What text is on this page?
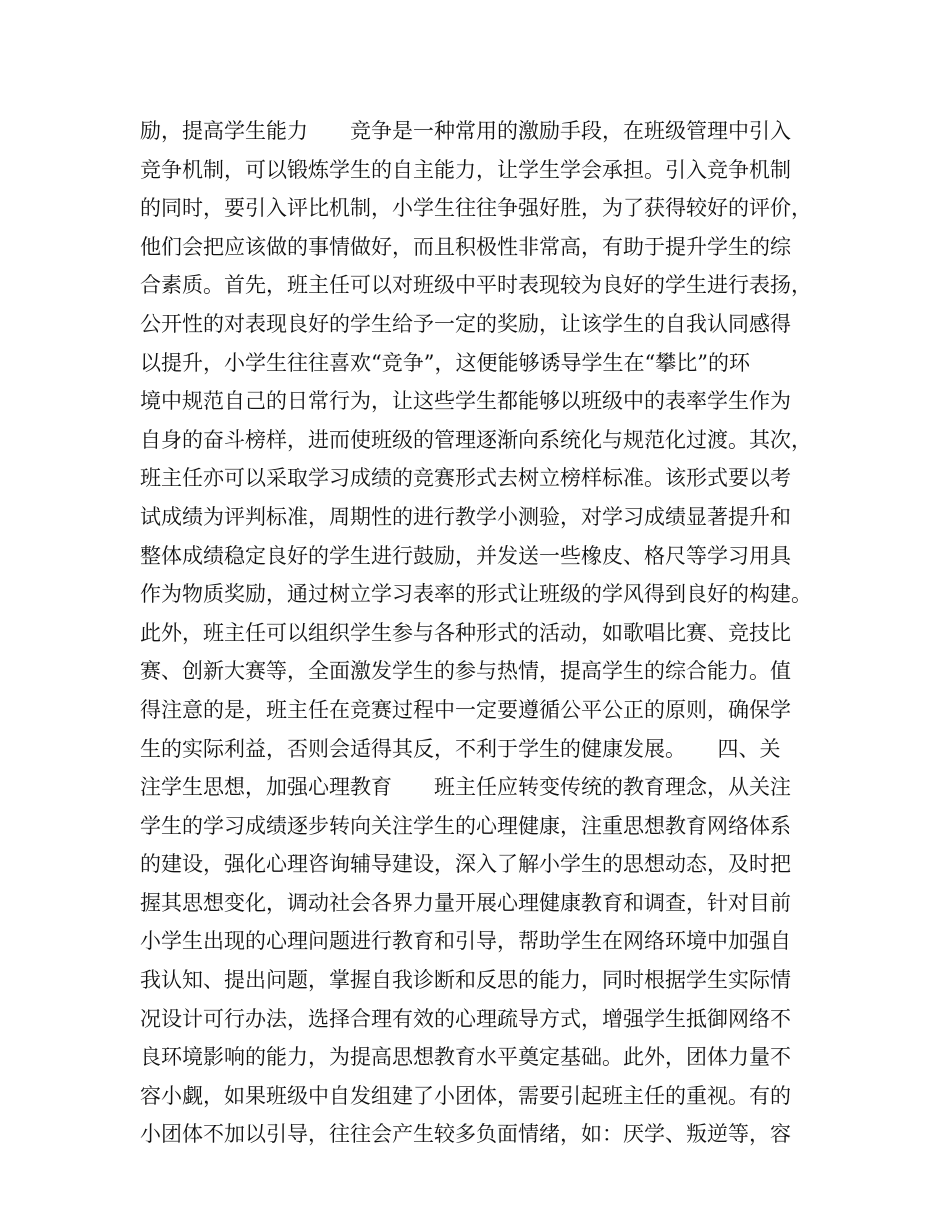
励，提高学生能力　　竞争是一种常用的激励手段，在班级管理中引入
竞争机制，可以锻炼学生的自主能力，让学生学会承担。引入竞争机制
的同时，要引入评比机制，小学生往往争强好胜，为了获得较好的评价，
他们会把应该做的事情做好，而且积极性非常高，有助于提升学生的综
合素质。首先，班主任可以对班级中平时表现较为良好的学生进行表扬，
公开性的对表现良好的学生给予一定的奖励，让该学生的自我认同感得
以提升，小学生往往喜欢“竞争”，这便能够诱导学生在“攀比”的环
境中规范自己的日常行为，让这些学生都能够以班级中的表率学生作为
自身的奋斗榜样，进而使班级的管理逐渐向系统化与规范化过渡。其次，
班主任亦可以采取学习成绩的竞赛形式去树立榜样标准。该形式要以考
试成绩为评判标准，周期性的进行教学小测验，对学习成绩显著提升和
整体成绩稳定良好的学生进行鼓励，并发送一些橡皮、格尺等学习用具
作为物质奖励，通过树立学习表率的形式让班级的学风得到良好的构建。
此外，班主任可以组织学生参与各种形式的活动，如歌唱比赛、竞技比
赛、创新大赛等，全面激发学生的参与热情，提高学生的综合能力。值
得注意的是，班主任在竞赛过程中一定要遵循公平公正的原则，确保学
生的实际利益，否则会适得其反，不利于学生的健康发展。　　四、关
注学生思想，加强心理教育　　班主任应转变传统的教育理念，从关注
学生的学习成绩逐步转向关注学生的心理健康，注重思想教育网络体系
的建设，强化心理咨询辅导建设，深入了解小学生的思想动态，及时把
握其思想变化，调动社会各界力量开展心理健康教育和调查，针对目前
小学生出现的心理问题进行教育和引导，帮助学生在网络环境中加强自
我认知、提出问题，掌握自我诊断和反思的能力，同时根据学生实际情
况设计可行办法，选择合理有效的心理疏导方式，增强学生抵御网络不
良环境影响的能力，为提高思想教育水平奠定基础。此外，团体力量不
容小觑，如果班级中自发组建了小团体，需要引起班主任的重视。有的
小团体不加以引导，往往会产生较多负面情绪，如：厌学、叛逆等，容
